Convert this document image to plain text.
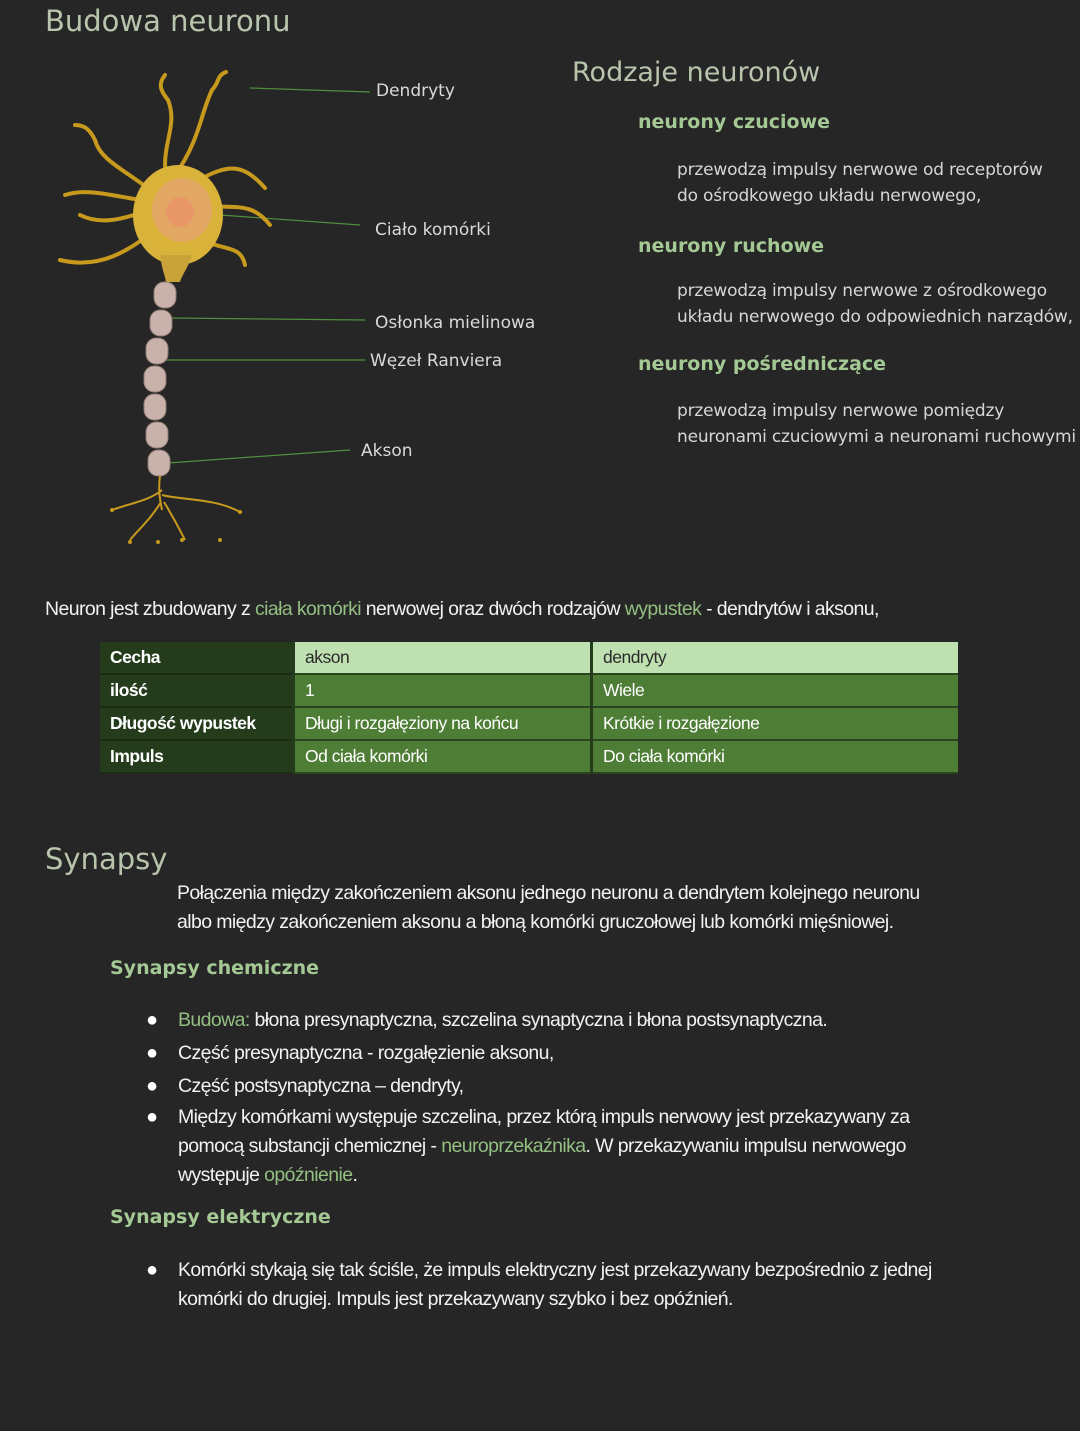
Budowa neuronu
Dendryty
Ciało komórki
Osłonka mielinowa
Węzeł Ranviera
Akson
Rodzaje neuronów
neurony czuciowe
przewodzą impulsy nerwowe od receptorów
do ośrodkowego układu nerwowego,
neurony ruchowe
przewodzą impulsy nerwowe z ośrodkowego
układu nerwowego do odpowiednich narządów,
neurony pośredniczące
przewodzą impulsy nerwowe pomiędzy
neuronami czuciowymi a neuronami ruchowymi
Neuron jest zbudowany z ciała komórki nerwowej oraz dwóch rodzajów wypustek - dendrytów i aksonu,
Cecha	akson	dendryty
ilość	1	Wiele
Długość wypustek	Długi i rozgałęziony na końcu	Krótkie i rozgałęzione
Impuls	Od ciała komórki	Do ciała komórki
Synapsy
Połączenia między zakończeniem aksonu jednego neuronu a dendrytem kolejnego neuronu
albo między zakończeniem aksonu a błoną komórki gruczołowej lub komórki mięśniowej.
Synapsy chemiczne
● Budowa: błona presynaptyczna, szczelina synaptyczna i błona postsynaptyczna.
● Część presynaptyczna - rozgałęzienie aksonu,
● Część postsynaptyczna – dendryty,
● Między komórkami występuje szczelina, przez którą impuls nerwowy jest przekazywany za
pomocą substancji chemicznej - neuroprzekaźnika. W przekazywaniu impulsu nerwowego
występuje opóźnienie.
Synapsy elektryczne
● Komórki stykają się tak ściśle, że impuls elektryczny jest przekazywany bezpośrednio z jednej
komórki do drugiej. Impuls jest przekazywany szybko i bez opóźnień.
